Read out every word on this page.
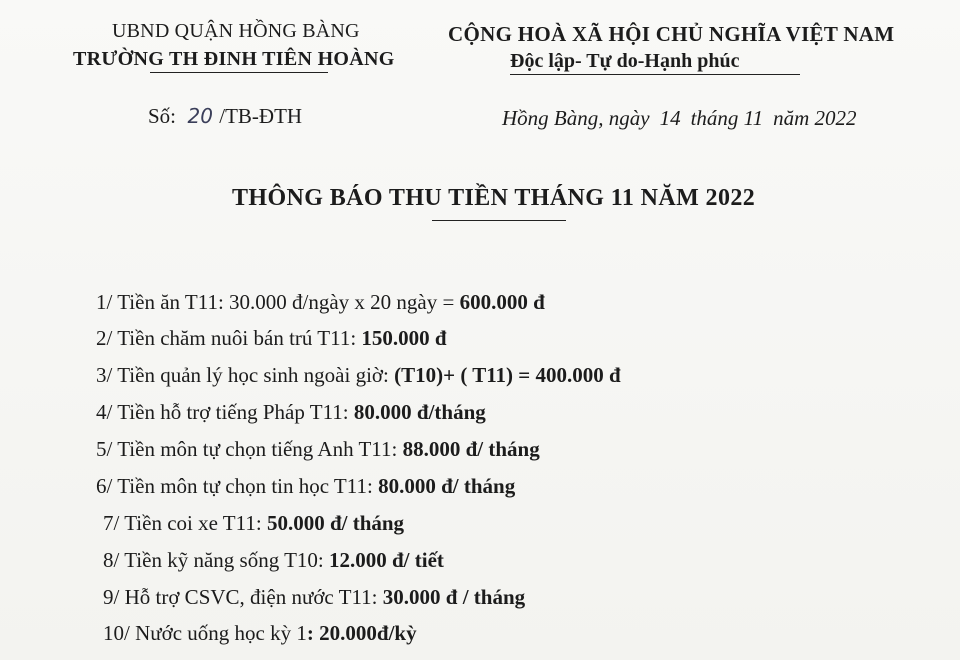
UBND QUẬN HỒNG BÀNG
TRƯỜNG TH ĐINH TIÊN HOÀNG
CỘNG HOÀ XÃ HỘI CHỦ NGHĨA VIỆT NAM
Độc lập- Tự do-Hạnh phúc
Số: 20 /TB-ĐTH	Hồng Bàng, ngày 14 tháng 11 năm 2022
THÔNG BÁO THU TIỀN THÁNG 11 NĂM 2022
1/ Tiền ăn T11: 30.000 đ/ngày x 20 ngày = 600.000 đ
2/ Tiền chăm nuôi bán trú T11: 150.000 đ
3/ Tiền quản lý học sinh ngoài giờ: (T10)+ ( T11) = 400.000 đ
4/ Tiền hỗ trợ tiếng Pháp T11: 80.000 đ/tháng
5/ Tiền môn tự chọn tiếng Anh T11: 88.000 đ/ tháng
6/ Tiền môn tự chọn tin học T11: 80.000 đ/ tháng
7/ Tiền coi xe T11: 50.000 đ/ tháng
8/ Tiền kỹ năng sống T10: 12.000 đ/ tiết
9/ Hỗ trợ CSVC, điện nước T11: 30.000 đ / tháng
10/ Nước uống học kỳ 1: 20.000đ/kỳ
